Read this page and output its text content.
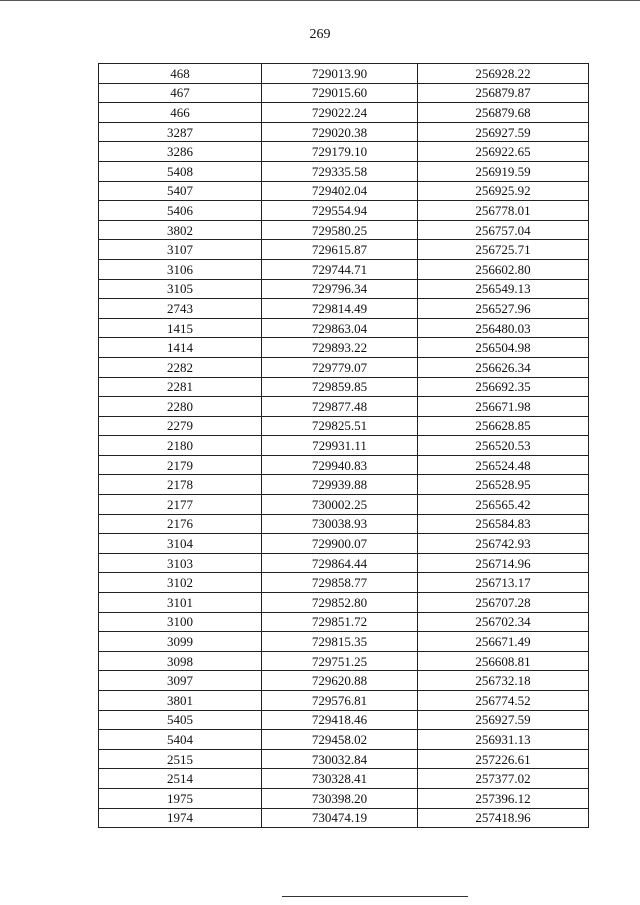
269
468	729013.90	256928.22
467	729015.60	256879.87
466	729022.24	256879.68
3287	729020.38	256927.59
3286	729179.10	256922.65
5408	729335.58	256919.59
5407	729402.04	256925.92
5406	729554.94	256778.01
3802	729580.25	256757.04
3107	729615.87	256725.71
3106	729744.71	256602.80
3105	729796.34	256549.13
2743	729814.49	256527.96
1415	729863.04	256480.03
1414	729893.22	256504.98
2282	729779.07	256626.34
2281	729859.85	256692.35
2280	729877.48	256671.98
2279	729825.51	256628.85
2180	729931.11	256520.53
2179	729940.83	256524.48
2178	729939.88	256528.95
2177	730002.25	256565.42
2176	730038.93	256584.83
3104	729900.07	256742.93
3103	729864.44	256714.96
3102	729858.77	256713.17
3101	729852.80	256707.28
3100	729851.72	256702.34
3099	729815.35	256671.49
3098	729751.25	256608.81
3097	729620.88	256732.18
3801	729576.81	256774.52
5405	729418.46	256927.59
5404	729458.02	256931.13
2515	730032.84	257226.61
2514	730328.41	257377.02
1975	730398.20	257396.12
1974	730474.19	257418.96
